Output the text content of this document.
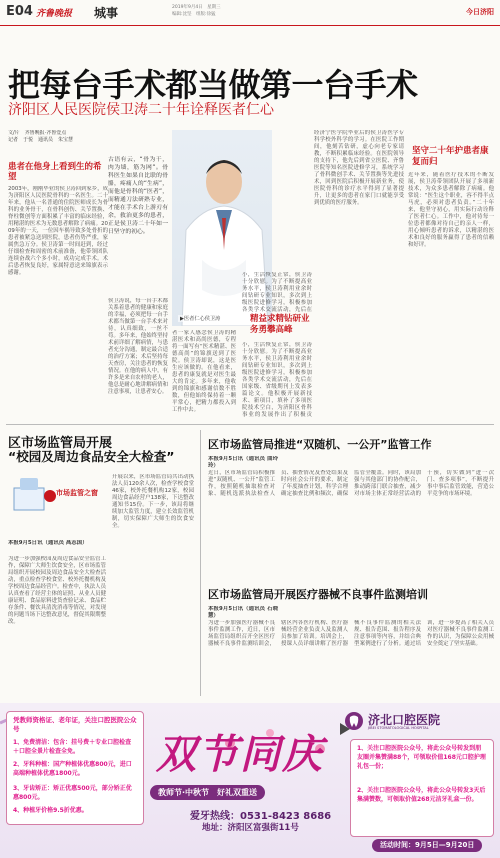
E04 齐鲁晚报 城事	2019年9月4日　星期三
编辑:沈坚　组版:徐猛	今日济阳
把每台手术都当做第一台手术
济阳区人民医院侯卫涛二十年诠释医者仁心
文/片　齐鲁晚报·齐鲁壹点
记者　于悦　通讯员　朱宝慧
患者在他身上看到生的希望
2003年，刚刚毕业的侯卫涛回到家乡，成为济阳区人民医院骨科的一名医生。二十年来，他从一名普通的住院医师成长为骨科的业务骨干，在骨科创伤、关节置换、脊柱微创等方面积累了丰富的临床经验，用精湛的医术为无数患者解除了病痛。2009年的一天，一位因车祸导致多处骨折的患者被紧急送到医院，患者伤势严重，家属焦急万分。侯卫涛第一时间赶到，经过仔细检查和周密的术前准备，他带领团队连续奋战六个多小时，成功完成手术。术后患者恢复良好，家属特意送来锦旗表示感谢。
古语有云，“骨为干，肉为墙，筋为网”。骨科医生如果自比联的骨骼，疼痛人的“生病”，而他是骨科的“医者”，而精通刀法研熟专业，才能在手术台上游刃有余，救治更多的患者，正是侯卫涛二十年如一日坚守的初心。
▶医者仁心侯卫涛
侯卫涛说，每一台手术都关系着患者的健康和家庭的幸福，必须把每一台手术都当做第一台手术来对待，认真细致，一丝不苟。多年来，他始终坚持术前详细了解病情，与患者充分沟通，制定最合适的治疗方案；术后坚持每天查房，关注患者的恢复情况。在他的病人中，有许多是来自农村的老人，他总是耐心地讲解病情和注意事项，让患者安心。
者一家人感念侯卫涛的精湛医术和高尚医德，专程将一面写有“医术精湛、医德高尚”的锦旗送到了医院。侯卫涛却说，这是医生应该做的。在他看来，患者的康复就是对医生最大的肯定。多年来，他收到的锦旗和感谢信数不胜数，但他始终保持着一颗平常心，把精力都投入到工作中去。
小，生活恢复正常，侯卫涛十分欣慰。为了不断提高业务水平，侯卫涛利用业余时间钻研专业知识，多次到上级医院进修学习，积极参加各类学术交流活动，先后在
精益求精钻研业务勇攀高峰
小，生活恢复正常，侯卫涛十分欣慰。为了不断提高业务水平，侯卫涛利用业余时间钻研专业知识，多次到上级医院进修学习，积极参加各类学术交流活动，先后在国家级、省级期刊上发表多篇论文。他积极开展新技术、新项目，填补了多项医院技术空白，为济阳区骨科事业的发展作出了积极贡
经济宁医学院毕业后的侯卫涛医学专科学校外科学的学习。在医院工作期间，他刻苦钻研，虚心向老专家请教，不断积累临床经验。在医院领导的支持下，他先后到省立医院、齐鲁医院等知名医院进修学习，系统学习了骨科微创手术、关节置换等先进技术，回到医院后积极开展新业务，使医院骨科的诊疗水平得到了显著提升，让更多的患者在家门口就能享受到优质的医疗服务。
坚守二十年护患者康复而归
近年来，随着医疗技术的不断发展，侯卫涛带领团队开展了多项新技术，为众多患者解除了病痛。他常说：“医生这个职业，容不得半点马虎，必须对患者负责。”二十年来，他坚守初心，用实际行动诠释了医者仁心。工作中，他对待每一位患者都像对待自己的亲人一样，用心倾听患者的诉求，以精湛的医术和良好的服务赢得了患者的信赖和好评。
区市场监管局开展
“校园及周边食品安全大检查”
市场监管之窗
本报9月5日讯（通讯员 高志国）
为进一步加强校园及周边食品安全监管工作，保障广大师生饮食安全，区市场监管局组织开展校园及周边食品安全大检查活动，重点检查学校食堂、校外托餐机构及学校周边食品经营户。检查中，执法人员认真查看了经营主体的证照、从业人员健康证明、食品原料进货查验记录、食品贮存条件、餐饮具清洗消毒等情况，对发现的问题当场下达整改意见，督促其限期整改。
开展以来，区市场监管局共出动执法人员120余人次，检查学校食堂46家，校外托餐机构12家，校园周边食品经营户138家，下达整改通知书15份。下一步，该局将继续加大监管力度，建立长效监管机制，切实保障广大师生的饮食安全。
区市场监管局推进“双随机、一公开”监管工作
本报9月5日讯（通讯员 曲玲玲）
近日，区市场监管局积极推进“双随机、一公开”监管工作，按照随机抽取检查对象、随机选派执法检查人员、抽查情况及查处结果及时向社会公开的要求，制定了年度抽查计划，科学合理确定抽查比例和频次，确保监管全覆盖。同时，该局加强与其他部门的协作配合，推动跨部门联合抽查，减少对市场主体正常经营活动的干预，切实做到“进一次门、查多项事”，不断提升事中事后监管效能，营造公平竞争的市场环境。
区市场监管局开展医疗器械不良事件监测培训
本报9月5日讯（通讯员 石晓慧）
为进一步加强医疗器械不良事件监测工作，近日，区市场监管局组织召开全区医疗器械不良事件监测培训会，辖区内各医疗机构、医疗器械经营企业负责人及监测人员参加了培训。培训会上，授课人员详细讲解了医疗器械不良事件监测的相关法规、报告范围、报告程序及注意事项等内容，并结合典型案例进行了分析。通过培训，进一步提高了相关人员对医疗器械不良事件监测工作的认识，为保障公众用械安全奠定了坚实基础。
凭教师资格证、老年证，关注口腔医院公众号
1、免费清洁：包含：挂号费＋专业口腔检查＋口腔全景片检查全免。
2、牙科种植：国产种植体优惠800元，进口高端种植体优惠1800元。
3、牙齿矫正：矫正优惠500元，部分矫正优惠800元。
4、种植牙价格9.5折优惠。
双节同庆
教师节·中秋节　好礼双重送
爱牙热线：0531-8423 8686
地址：济阳区富强街11号
济北口腔医院
JIBEI STOMATOLOGICAL HOSPITAL
1、关注口腔医院公众号，将此公众号转发到朋友圈并集赞满88个，可领取价值168元口腔护理礼包一份；
2、关注口腔医院公众号，将此公众号转发3天后集满赞数，可领取价值268元洁牙礼盒一份。
活动时间：9月5日—9月20日
